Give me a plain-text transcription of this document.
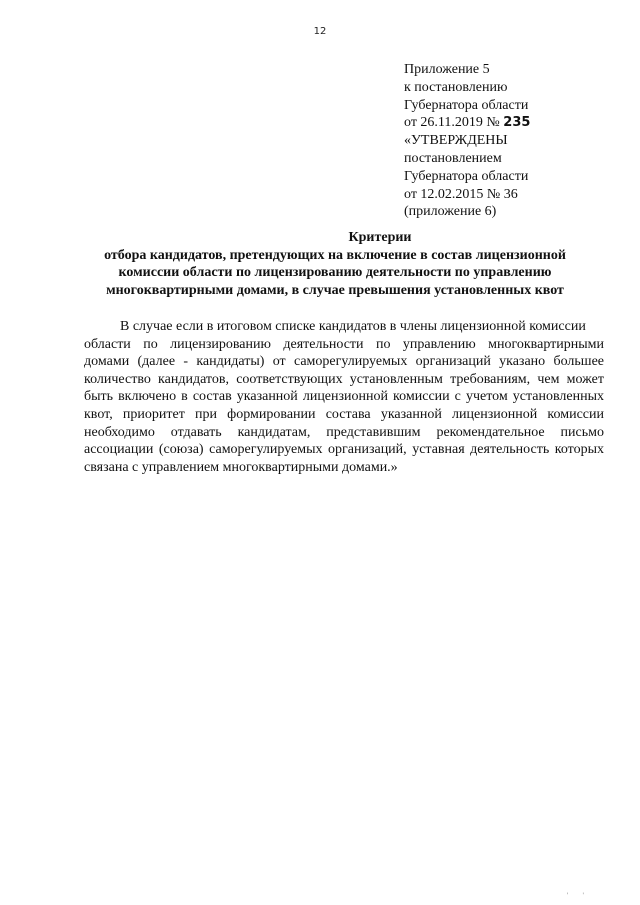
12
Приложение 5
к постановлению
Губернатора области
от 26.11.2019 № 235
«УТВЕРЖДЕНЫ
постановлением
Губернатора области
от 12.02.2015 № 36
(приложение 6)
Критерии
отбора кандидатов, претендующих на включение в состав лицензионной
комиссии области по лицензированию деятельности по управлению
многоквартирными домами, в случае превышения установленных квот
В случае если в итоговом списке кандидатов в члены лицензионной комиссии
области по лицензированию деятельности по управлению многоквартирными
домами (далее - кандидаты) от саморегулируемых организаций указано большее
количество кандидатов, соответствующих установленным требованиям, чем может
быть включено в состав указанной лицензионной комиссии с учетом установленных
квот, приоритет при формировании состава указанной лицензионной комиссии
необходимо отдавать кандидатам, представившим рекомендательное письмо
ассоциации (союза) саморегулируемых организаций, уставная деятельность которых
связана с управлением многоквартирными домами.»
' '
